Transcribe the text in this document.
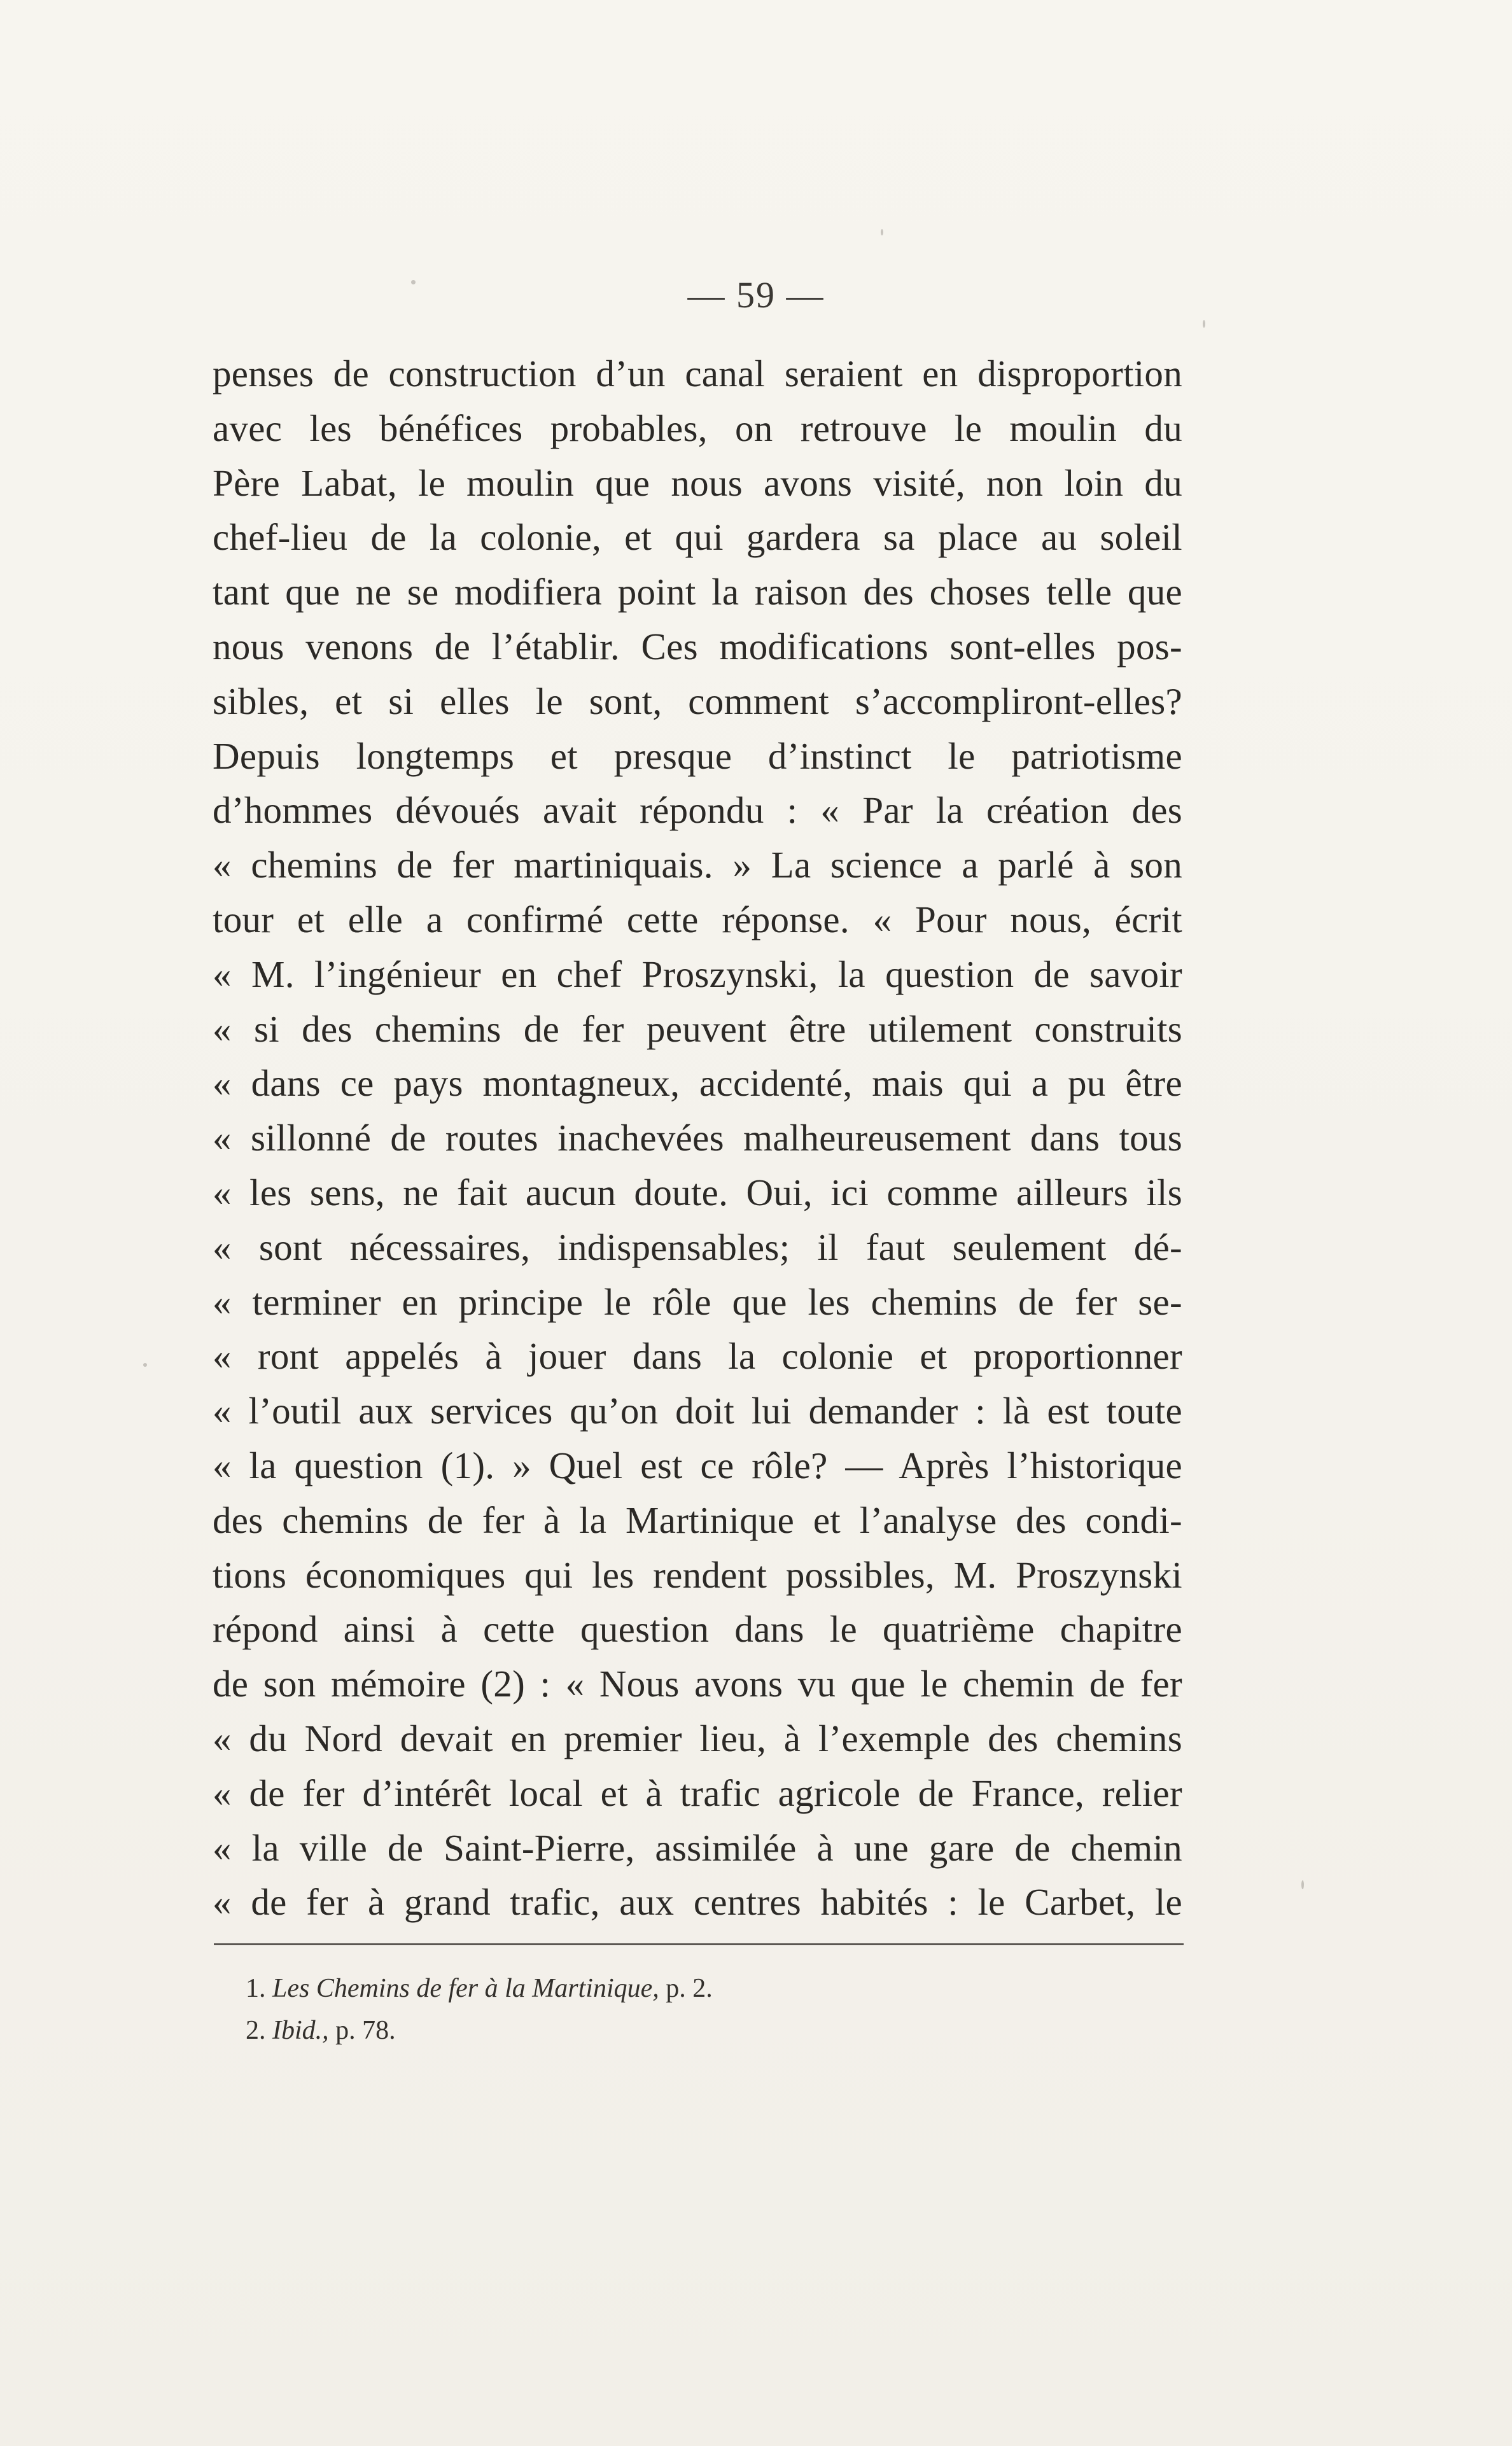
— 59 —
penses de construction d’un canal seraient en disproportion
avec les bénéfices probables, on retrouve le moulin du
Père Labat, le moulin que nous avons visité, non loin du
chef-lieu de la colonie, et qui gardera sa place au soleil
tant que ne se modifiera point la raison des choses telle que
nous venons de l’établir. Ces modifications sont-elles pos-
sibles, et si elles le sont, comment s’accompliront-elles?
Depuis longtemps et presque d’instinct le patriotisme
d’hommes dévoués avait répondu : « Par la création des
« chemins de fer martiniquais. » La science a parlé à son
tour et elle a confirmé cette réponse. « Pour nous, écrit
« M. l’ingénieur en chef Proszynski, la question de savoir
« si des chemins de fer peuvent être utilement construits
« dans ce pays montagneux, accidenté, mais qui a pu être
« sillonné de routes inachevées malheureusement dans tous
« les sens, ne fait aucun doute. Oui, ici comme ailleurs ils
« sont nécessaires, indispensables; il faut seulement dé-
« terminer en principe le rôle que les chemins de fer se-
« ront appelés à jouer dans la colonie et proportionner
« l’outil aux services qu’on doit lui demander : là est toute
« la question (1). » Quel est ce rôle? — Après l’historique
des chemins de fer à la Martinique et l’analyse des condi-
tions économiques qui les rendent possibles, M. Proszynski
répond ainsi à cette question dans le quatrième chapitre
de son mémoire (2) : « Nous avons vu que le chemin de fer
« du Nord devait en premier lieu, à l’exemple des chemins
« de fer d’intérêt local et à trafic agricole de France, relier
« la ville de Saint-Pierre, assimilée à une gare de chemin
« de fer à grand trafic, aux centres habités : le Carbet, le
1. Les Chemins de fer à la Martinique, p. 2.
2. Ibid., p. 78.
